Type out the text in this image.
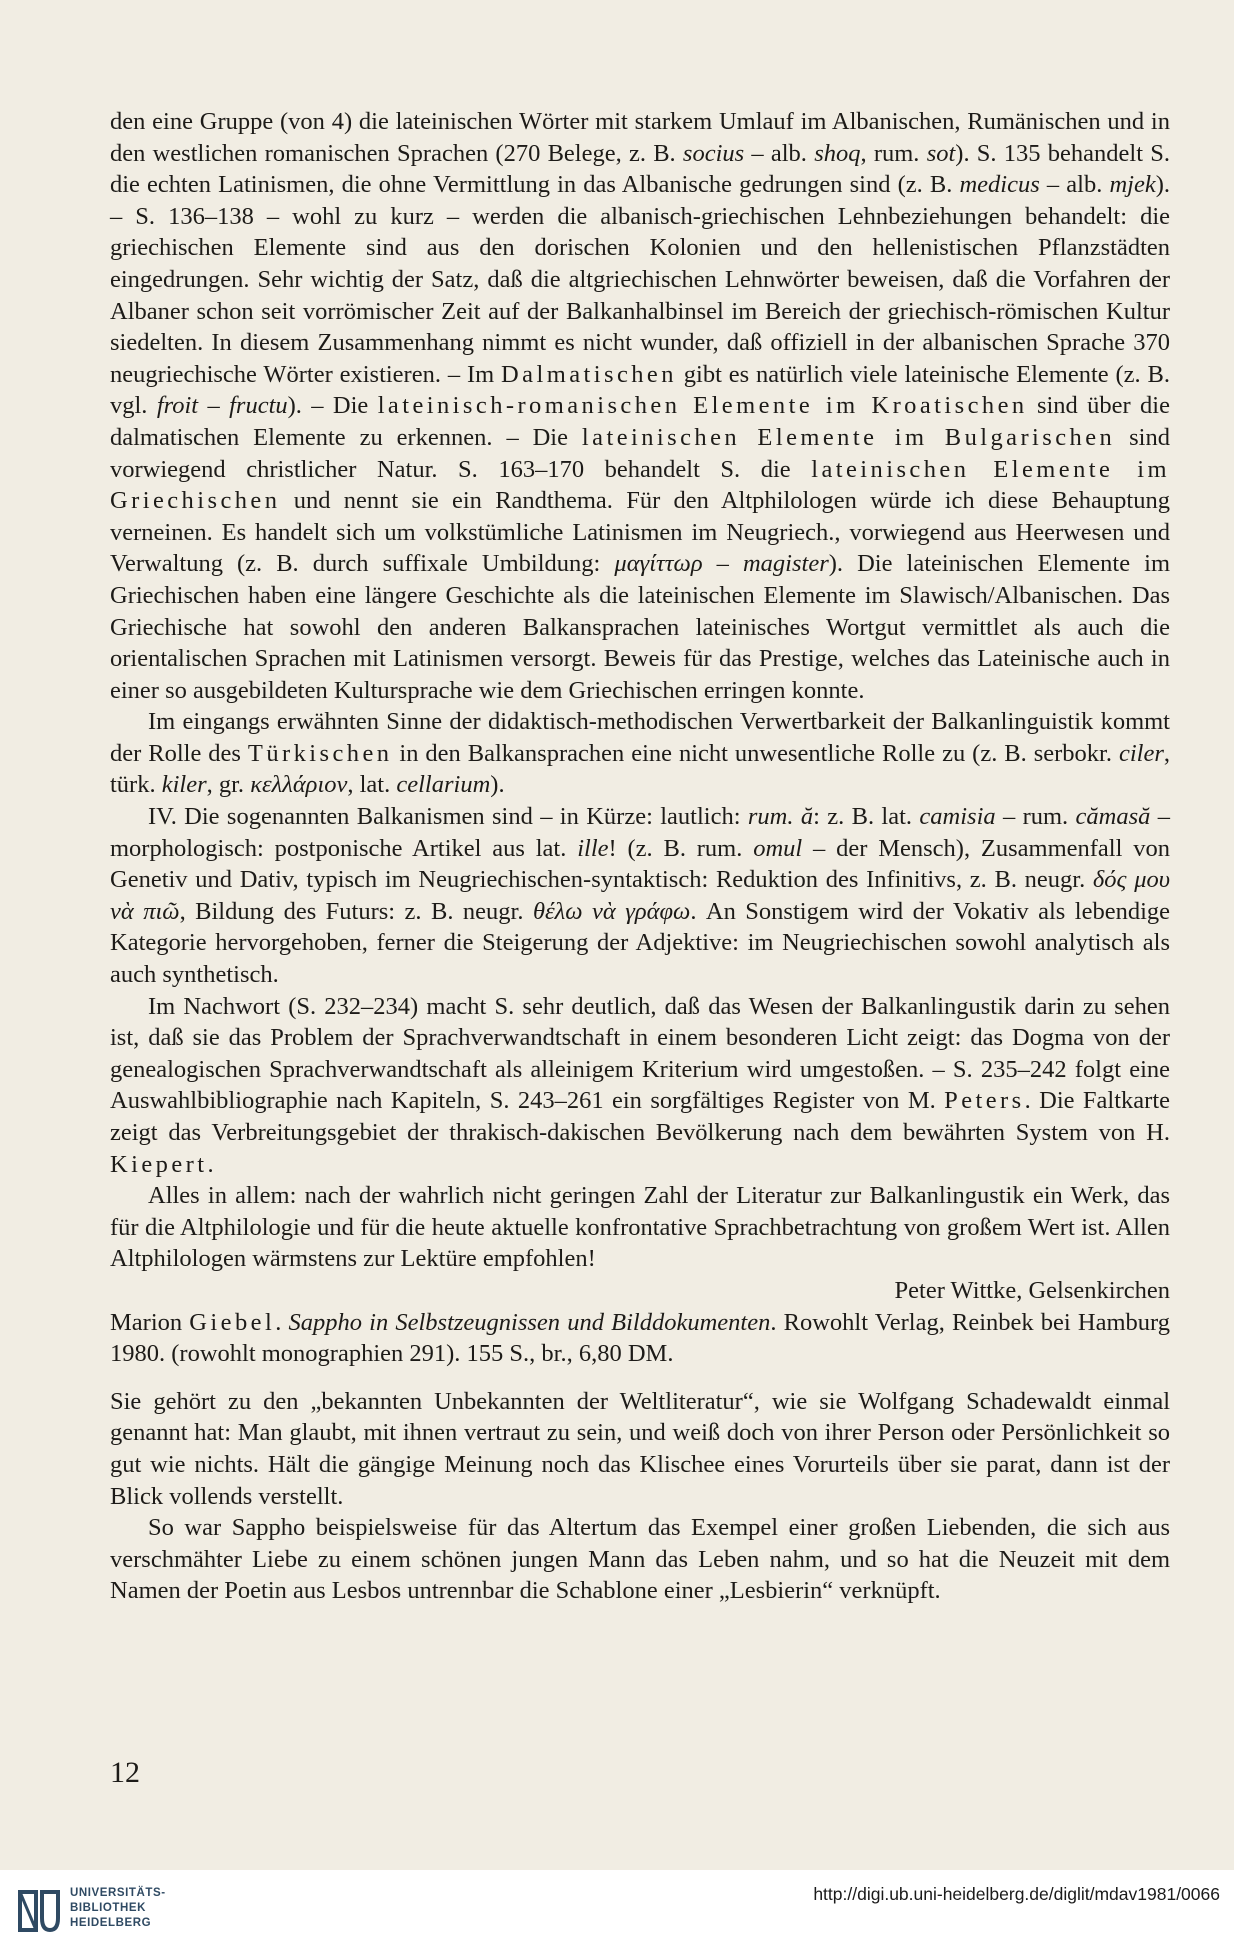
den eine Gruppe (von 4) die lateinischen Wörter mit starkem Umlauf im Albanischen, Rumänischen und in den westlichen romanischen Sprachen (270 Belege, z. B. socius – alb. shoq, rum. sot). S. 135 behandelt S. die echten Latinismen, die ohne Vermittlung in das Albanische gedrungen sind (z. B. medicus – alb. mjek). – S. 136–138 – wohl zu kurz – werden die albanisch-griechischen Lehnbeziehungen behandelt: die griechischen Elemente sind aus den dorischen Kolonien und den hellenistischen Pflanzstädten eingedrungen. Sehr wichtig der Satz, daß die altgriechischen Lehnwörter beweisen, daß die Vorfahren der Albaner schon seit vorrömischer Zeit auf der Balkanhalbinsel im Bereich der griechisch-römischen Kultur siedelten. In diesem Zusammenhang nimmt es nicht wunder, daß offiziell in der albanischen Sprache 370 neugriechische Wörter existieren. – Im Dalmatischen gibt es natürlich viele lateinische Elemente (z. B. vgl. froit – fructu). – Die lateinisch-romanischen Elemente im Kroatischen sind über die dalmatischen Elemente zu erkennen. – Die lateinischen Elemente im Bulgarischen sind vorwiegend christlicher Natur. S. 163–170 behandelt S. die lateinischen Elemente im Griechischen und nennt sie ein Randthema. Für den Altphilologen würde ich diese Behauptung verneinen. Es handelt sich um volkstümliche Latinismen im Neugriech., vorwiegend aus Heerwesen und Verwaltung (z. B. durch suffixale Umbildung: μαγίττωρ – magister). Die lateinischen Elemente im Griechischen haben eine längere Geschichte als die lateinischen Elemente im Slawisch/Albanischen. Das Griechische hat sowohl den anderen Balkansprachen lateinisches Wortgut vermittlet als auch die orientalischen Sprachen mit Latinismen versorgt. Beweis für das Prestige, welches das Lateinische auch in einer so ausgebildeten Kultursprache wie dem Griechischen erringen konnte.

Im eingangs erwähnten Sinne der didaktisch-methodischen Verwertbarkeit der Balkanlinguistik kommt der Rolle des Türkischen in den Balkansprachen eine nicht unwesentliche Rolle zu (z. B. serbokr. ciler, türk. kiler, gr. κελλάριον, lat. cellarium).

IV. Die sogenannten Balkanismen sind – in Kürze: lautlich: rum. ă: z. B. lat. camisia – rum. cămasă – morphologisch: postponische Artikel aus lat. ille! (z. B. rum. omul – der Mensch), Zusammenfall von Genetiv und Dativ, typisch im Neugriechischen-syntaktisch: Reduktion des Infinitivs, z. B. neugr. δός μου νὰ πιῶ, Bildung des Futurs: z. B. neugr. θέλω νὰ γράφω. An Sonstigem wird der Vokativ als lebendige Kategorie hervorgehoben, ferner die Steigerung der Adjektive: im Neugriechischen sowohl analytisch als auch synthetisch.

Im Nachwort (S. 232–234) macht S. sehr deutlich, daß das Wesen der Balkanlingustik darin zu sehen ist, daß sie das Problem der Sprachverwandtschaft in einem besonderen Licht zeigt: das Dogma von der genealogischen Sprachverwandtschaft als alleinigem Kriterium wird umgestoßen. – S. 235–242 folgt eine Auswahlbibliographie nach Kapiteln, S. 243–261 ein sorgfältiges Register von M. Peters. Die Faltkarte zeigt das Verbreitungsgebiet der thrakisch-dakischen Bevölkerung nach dem bewährten System von H. Kiepert.

Alles in allem: nach der wahrlich nicht geringen Zahl der Literatur zur Balkanlingustik ein Werk, das für die Altphilologie und für die heute aktuelle konfrontative Sprachbetrachtung von großem Wert ist. Allen Altphilologen wärmstens zur Lektüre empfohlen!

Peter Wittke, Gelsenkirchen

Marion Giebel. Sappho in Selbstzeugnissen und Bilddokumenten. Rowohlt Verlag, Reinbek bei Hamburg 1980. (rowohlt monographien 291). 155 S., br., 6,80 DM.

Sie gehört zu den „bekannten Unbekannten der Weltliteratur“, wie sie Wolfgang Schadewaldt einmal genannt hat: Man glaubt, mit ihnen vertraut zu sein, und weiß doch von ihrer Person oder Persönlichkeit so gut wie nichts. Hält die gängige Meinung noch das Klischee eines Vorurteils über sie parat, dann ist der Blick vollends verstellt.

So war Sappho beispielsweise für das Altertum das Exempel einer großen Liebenden, die sich aus verschmähter Liebe zu einem schönen jungen Mann das Leben nahm, und so hat die Neuzeit mit dem Namen der Poetin aus Lesbos untrennbar die Schablone einer „Lesbierin“ verknüpft.

12
UNIVERSITÄTS-
BIBLIOTHEK
HEIDELBERG
http://digi.ub.uni-heidelberg.de/diglit/mdav1981/0066
